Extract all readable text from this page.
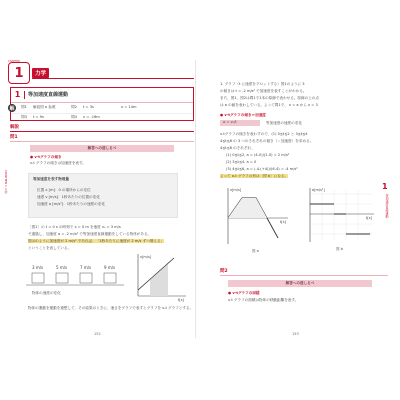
CHAPTER
1	力学
1	等加速度直線運動
解	問1 解説図 a 参照	問2 t = 3s	x = 14m
問3 t = 9s	問4 x = -16m
解説
問1
解答への道しるべ
● v-tグラフの傾き
v-t グラフの傾きは加速度を表す。
等加速度を表す物理量
位置 x [m]：0 の場所からの変位
速度 v [m/s]：1秒あたりの位置の変化
加速度 a [m/s²]：1秒あたりの速度の変化
〔図1〕の t = 0 s の時刻で x = 0 m を速度 v₀ = 3 m/s
で通過し、加速度 a = -2 m/s² で等加速度直線運動をしている物体がある。
図示のように加速度が 2 m/s² であれば、「1秒あたりに速度が 2 m/s ずつ増える」
ということを表している。
3 m/s	5 m/s	7 m/s	9 m/s
物体の速度の変化
v[m/s]
t[s]
物体の運動を運動を連想して、その結果のときに、速さをグラフで表すとグラフを v-t グラフとする。
CHAPTER 1 力学
152
1. グラフ（t に速度をプロットする）図1のように 3
の傾きは t = -2 m/s² で加速度を表すことがわかる。
また、図1、図2は問1で1本の原線で表わせる。原線の上の点
は a の値を表わしている。よって問1で、 x = a から x = 3
● v-tグラフの傾き＝加速度
a = v₀/t	等加速度の速度の変化
v-tグラフの傾きを表わすので、(1) 0≦t≦2 と 3≦t≦4
4≦t≦6 の 3 つのそれぞれの傾き（＝加速度）を求める。
4≦t≦6 のそれぞれ、
(1) 0≦t≦2, a = (4-0)/(2-0) = 2 m/s²
(2) 3≦t≦4, a = 0
(3) 4≦t≦6, a = (-4-(+4))/(6-4) = -4 m/s²
よって a-t グラフの形は〔図 b〕になる。
v[m/s]
t[s]
図 a
a[m/s²]
t[s]
図 b
問2
解答への道しるべ
● v-tグラフの面積
v-t グラフの面積は物体の移動距離を表す。
1
等加速度直線運動
153
